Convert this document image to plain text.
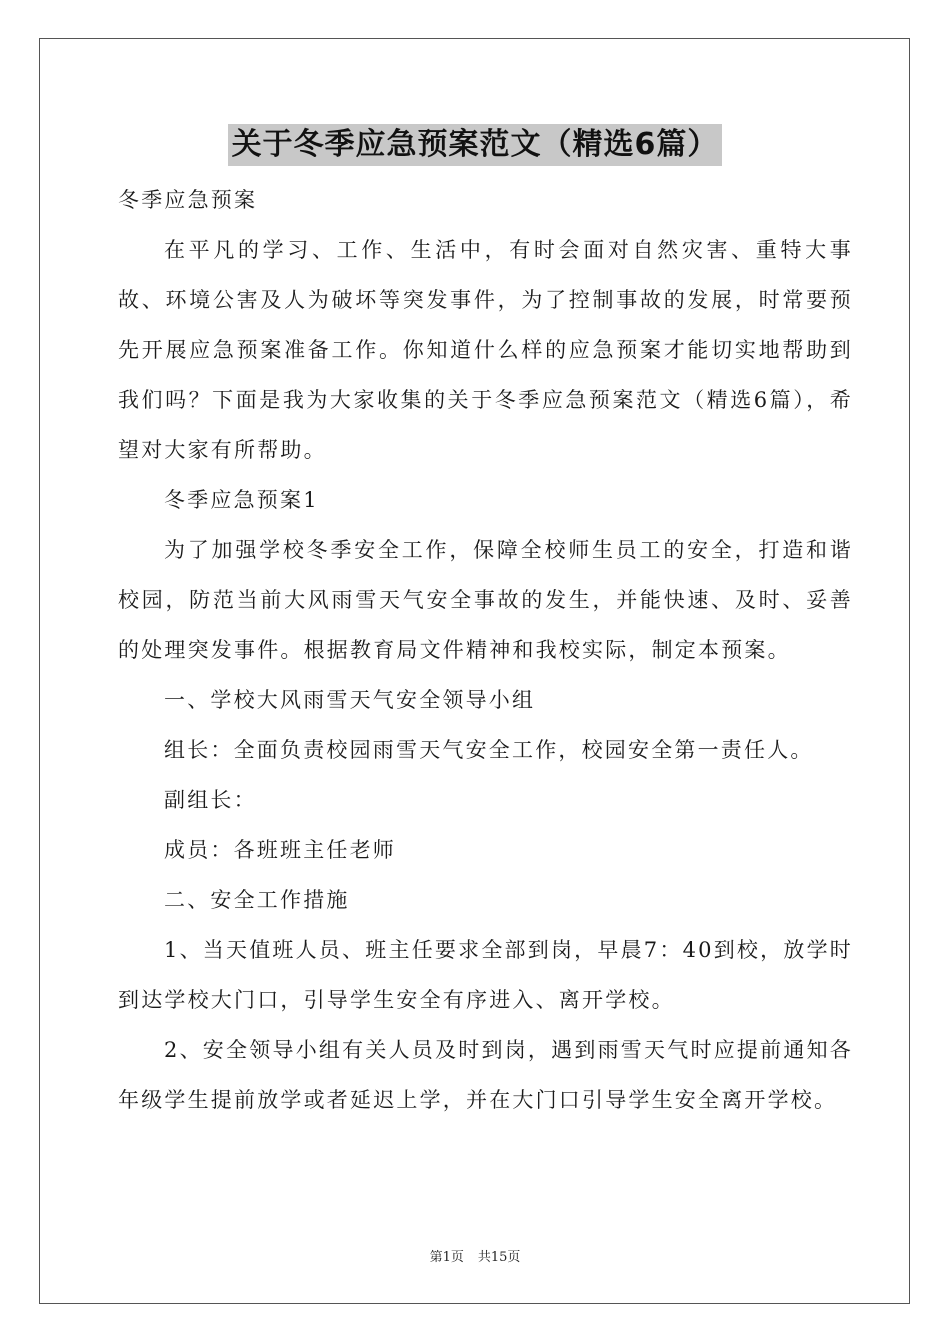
关于冬季应急预案范文（精选6篇）

冬季应急预案

在平凡的学习、工作、生活中，有时会面对自然灾害、重特大事故、环境公害及人为破坏等突发事件，为了控制事故的发展，时常要预先开展应急预案准备工作。你知道什么样的应急预案才能切实地帮助到我们吗？下面是我为大家收集的关于冬季应急预案范文（精选6篇），希望对大家有所帮助。

冬季应急预案1

为了加强学校冬季安全工作，保障全校师生员工的安全，打造和谐校园，防范当前大风雨雪天气安全事故的发生，并能快速、及时、妥善的处理突发事件。根据教育局文件精神和我校实际，制定本预案。

一、学校大风雨雪天气安全领导小组

组长：全面负责校园雨雪天气安全工作，校园安全第一责任人。

副组长：

成员：各班班主任老师

二、安全工作措施

1、当天值班人员、班主任要求全部到岗，早晨7：40到校，放学时到达学校大门口，引导学生安全有序进入、离开学校。

2、安全领导小组有关人员及时到岗，遇到雨雪天气时应提前通知各年级学生提前放学或者延迟上学，并在大门口引导学生安全离开学校。

第1页 共15页
